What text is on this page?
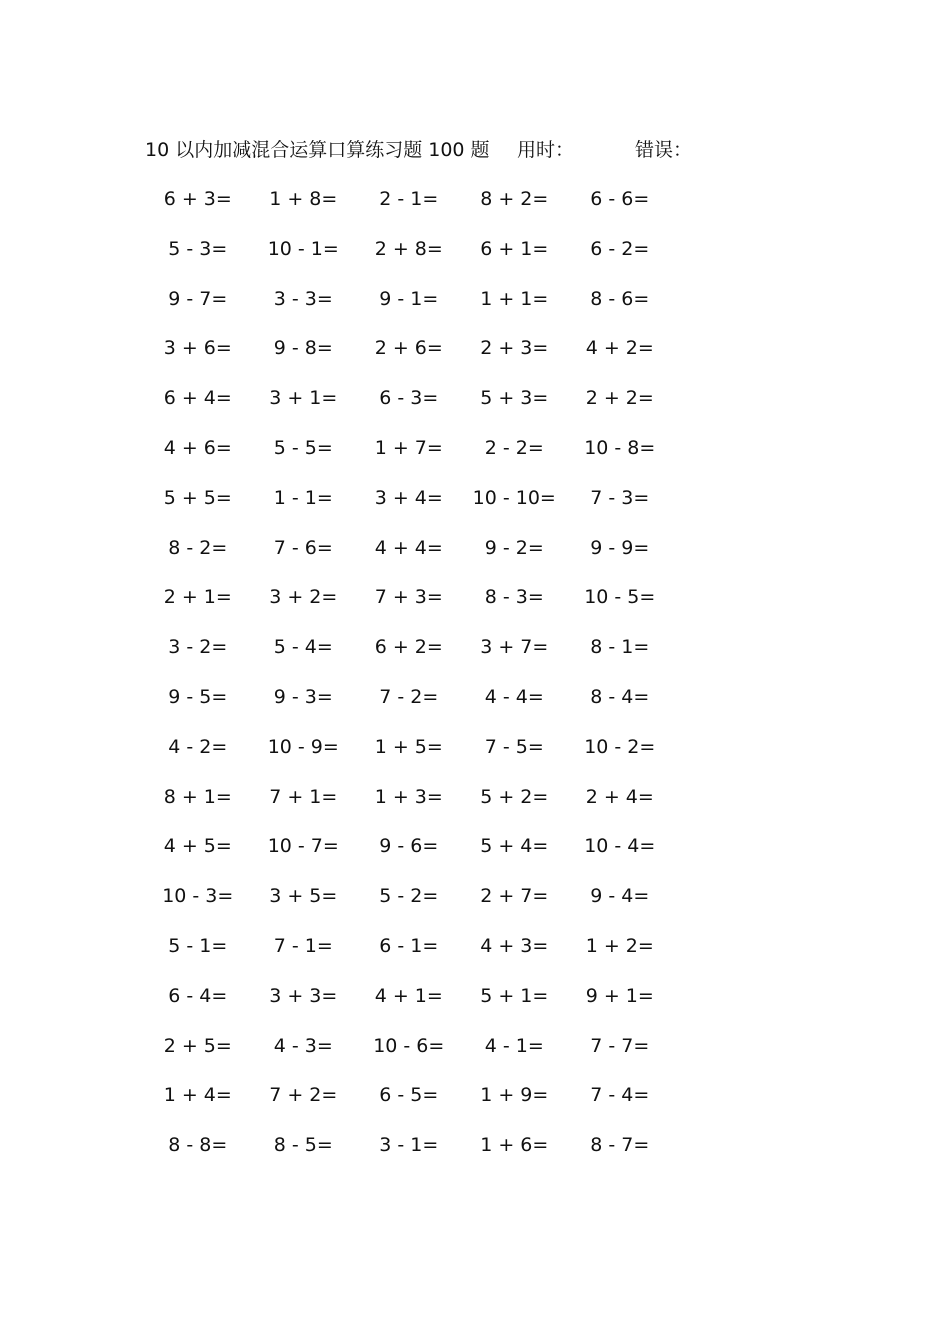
10 以内加减混合运算口算练习题 100 题 用时：	错误：
6 + 3=	1 + 8=	2 - 1=	8 + 2=	6 - 6=
5 - 3=	10 - 1=	2 + 8=	6 + 1=	6 - 2=
9 - 7=	3 - 3=	9 - 1=	1 + 1=	8 - 6=
3 + 6=	9 - 8=	2 + 6=	2 + 3=	4 + 2=
6 + 4=	3 + 1=	6 - 3=	5 + 3=	2 + 2=
4 + 6=	5 - 5=	1 + 7=	2 - 2=	10 - 8=
5 + 5=	1 - 1=	3 + 4=	10 - 10=	7 - 3=
8 - 2=	7 - 6=	4 + 4=	9 - 2=	9 - 9=
2 + 1=	3 + 2=	7 + 3=	8 - 3=	10 - 5=
3 - 2=	5 - 4=	6 + 2=	3 + 7=	8 - 1=
9 - 5=	9 - 3=	7 - 2=	4 - 4=	8 - 4=
4 - 2=	10 - 9=	1 + 5=	7 - 5=	10 - 2=
8 + 1=	7 + 1=	1 + 3=	5 + 2=	2 + 4=
4 + 5=	10 - 7=	9 - 6=	5 + 4=	10 - 4=
10 - 3=	3 + 5=	5 - 2=	2 + 7=	9 - 4=
5 - 1=	7 - 1=	6 - 1=	4 + 3=	1 + 2=
6 - 4=	3 + 3=	4 + 1=	5 + 1=	9 + 1=
2 + 5=	4 - 3=	10 - 6=	4 - 1=	7 - 7=
1 + 4=	7 + 2=	6 - 5=	1 + 9=	7 - 4=
8 - 8=	8 - 5=	3 - 1=	1 + 6=	8 - 7=
